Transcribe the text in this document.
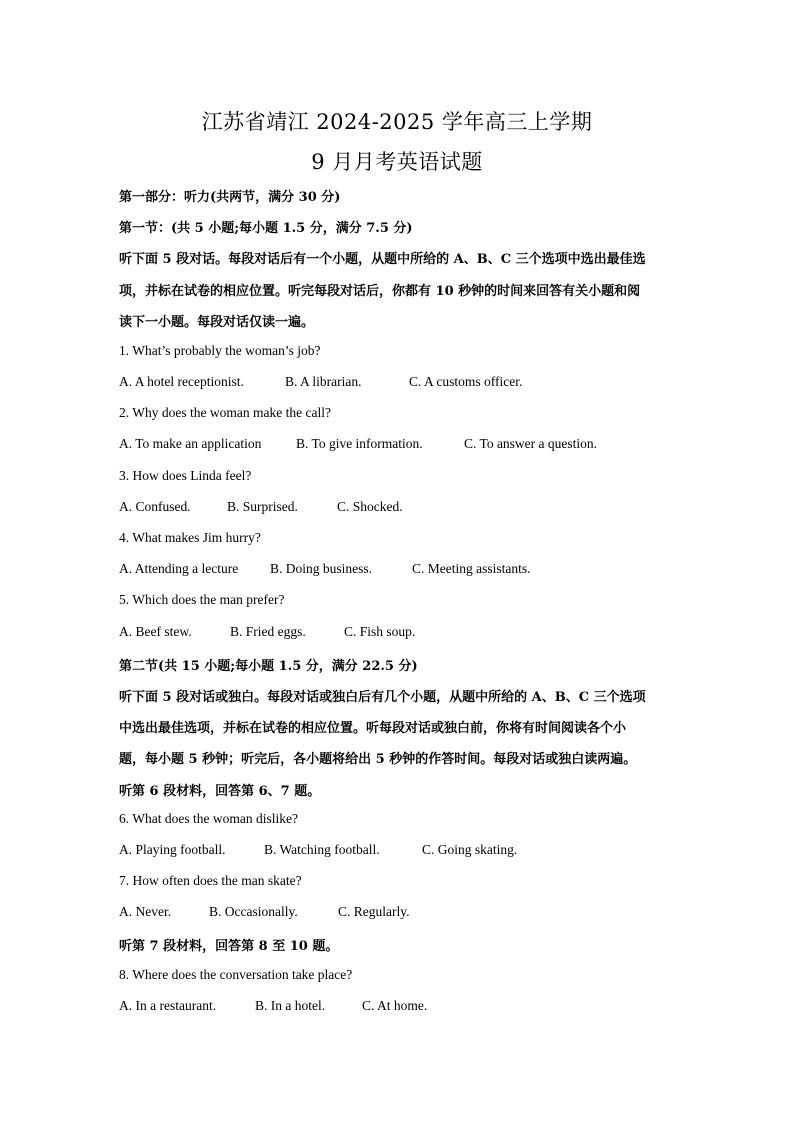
江苏省靖江 2024-2025 学年高三上学期
9 月月考英语试题
第一部分：听力(共两节，满分 30 分)
第一节：(共 5 小题;每小题 1.5 分，满分 7.5 分)
听下面 5 段对话。每段对话后有一个小题，从题中所给的 A、B、C 三个选项中选出最佳选
项，并标在试卷的相应位置。听完每段对话后，你都有 10 秒钟的时间来回答有关小题和阅
读下一小题。每段对话仅读一遍。
1. What’s probably the woman’s job?
A. A hotel receptionist.	B. A librarian.	C. A customs officer.
2. Why does the woman make the call?
A. To make an application	B. To give information.	C. To answer a question.
3. How does Linda feel?
A. Confused.	B. Surprised.	C. Shocked.
4. What makes Jim hurry?
A. Attending a lecture B. Doing business.	C. Meeting assistants.
5. Which does the man prefer?
A. Beef stew.	B. Fried eggs.	C. Fish soup.
第二节(共 15 小题;每小题 1.5 分，满分 22.5 分)
听下面 5 段对话或独白。每段对话或独白后有几个小题，从题中所给的 A、B、C 三个选项
中选出最佳选项，并标在试卷的相应位置。听每段对话或独白前，你将有时间阅读各个小
题，每小题 5 秒钟；听完后，各小题将给出 5 秒钟的作答时间。每段对话或独白读两遍。
听第 6 段材料，回答第 6、7 题。
6. What does the woman dislike?
A. Playing football.	B. Watching football.	C. Going skating.
7. How often does the man skate?
A. Never.	B. Occasionally.	C. Regularly.
听第 7 段材料，回答第 8 至 10 题。
8. Where does the conversation take place?
A. In a restaurant.	B. In a hotel.	C. At home.
